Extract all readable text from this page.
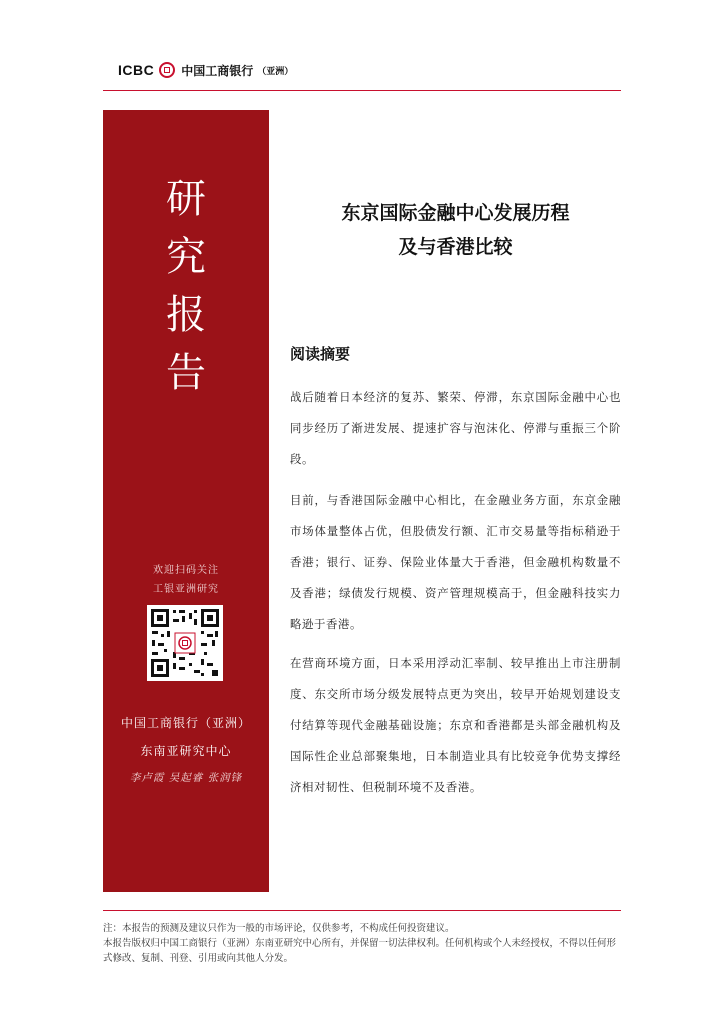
ICBC 中国工商银行 （亚洲）
研
究
报
告
欢迎扫码关注
工银亚洲研究
中国工商银行（亚洲）
东南亚研究中心
李卢霞 吴起睿 张润锋
东京国际金融中心发展历程
及与香港比较
阅读摘要
战后随着日本经济的复苏、繁荣、停滞，东京国际金融中心也同步经历了渐进发展、提速扩容与泡沫化、停滞与重振三个阶段。
目前，与香港国际金融中心相比，在金融业务方面，东京金融市场体量整体占优，但股债发行额、汇市交易量等指标稍逊于香港；银行、证券、保险业体量大于香港，但金融机构数量不及香港；绿债发行规模、资产管理规模高于，但金融科技实力略逊于香港。
在营商环境方面，日本采用浮动汇率制、较早推出上市注册制度、东交所市场分级发展特点更为突出，较早开始规划建设支付结算等现代金融基础设施；东京和香港都是头部金融机构及国际性企业总部聚集地，日本制造业具有比较竞争优势支撑经济相对韧性、但税制环境不及香港。
注：本报告的预测及建议只作为一般的市场评论，仅供参考，不构成任何投资建议。
本报告版权归中国工商银行（亚洲）东南亚研究中心所有，并保留一切法律权利。任何机构或个人未经授权，不得以任何形式修改、复制、刊登、引用或向其他人分发。
